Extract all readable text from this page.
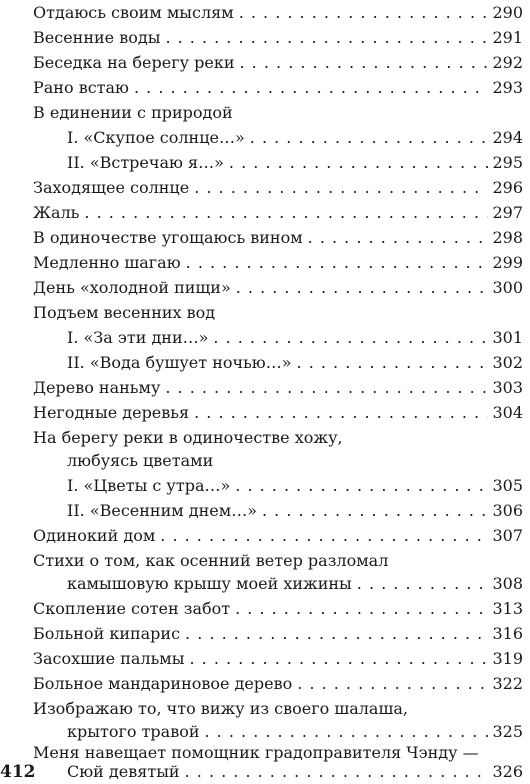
Отдаюсь своим мыслям . . .	290
Весенние воды . . .	291
Беседка на берегу реки . . .	292
Рано встаю . . .	293
В единении с природой
I. «Скупое солнце…» . . .	294
II. «Встречаю я…» . . .	295
Заходящее солнце . . .	296
Жаль . . .	297
В одиночестве угощаюсь вином . . .	298
Медленно шагаю . . .	299
День «холодной пищи» . . .	300
Подъем весенних вод
I. «За эти дни…» . . .	301
II. «Вода бушует ночью…» . . .	302
Дерево наньму . . .	303
Негодные деревья . . .	304
На берегу реки в одиночестве хожу,
любуясь цветами
I. «Цветы с утра…» . . .	305
II. «Весенним днем…» . . .	306
Одинокий дом . . .	307
Стихи о том, как осенний ветер разломал
камышовую крышу моей хижины . . .	308
Скопление сотен забот . . .	313
Больной кипарис . . .	316
Засохшие пальмы . . .	319
Больное мандариновое дерево . . .	322
Изображаю то, что вижу из своего шалаша,
крытого травой . . .	325
Меня навещает помощник градоправителя Чэнду —
Сюй девятый . . .	326
412
